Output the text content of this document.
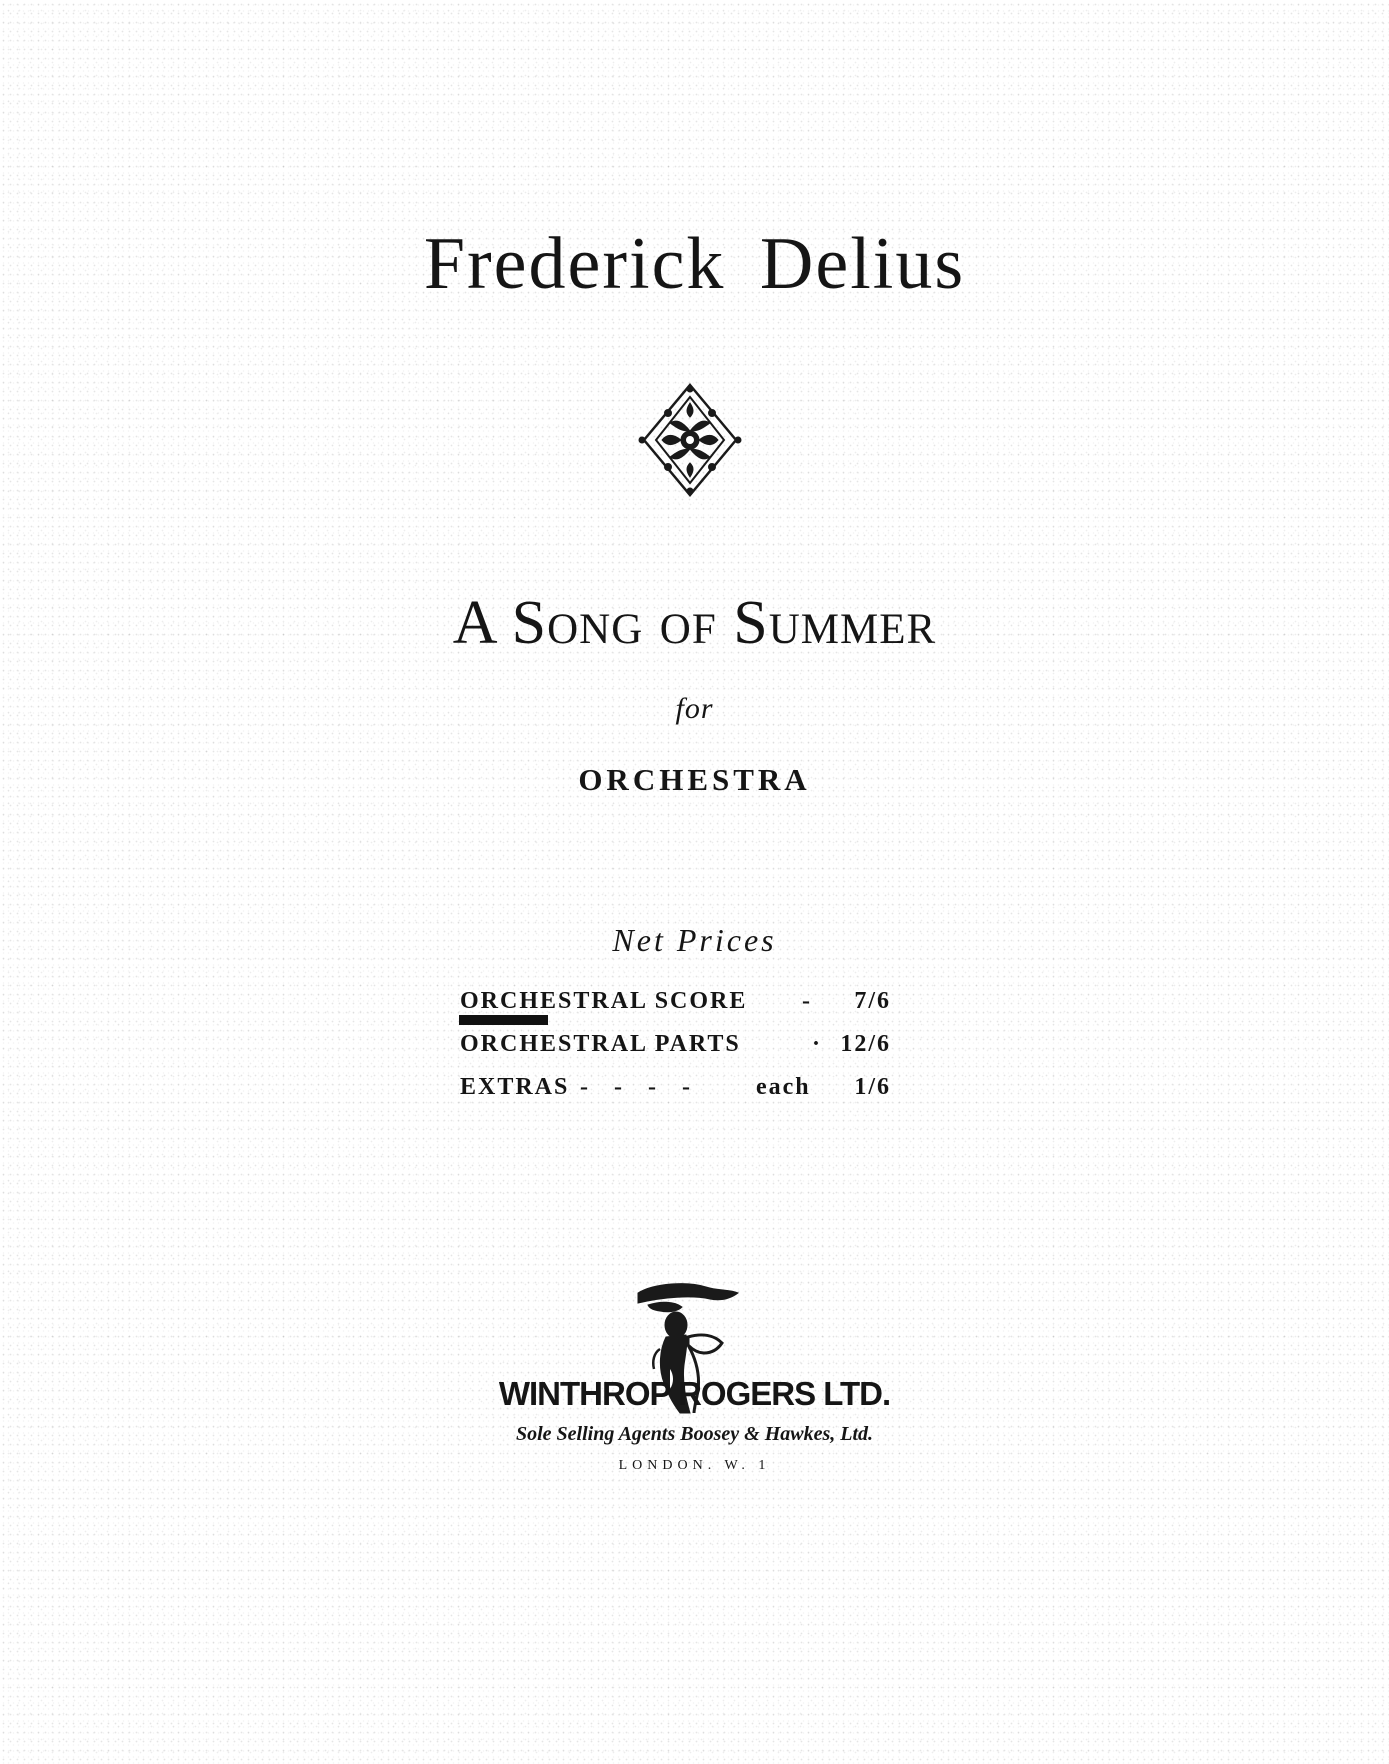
Frederick Delius
A Song of Summer
for
ORCHESTRA
Net Prices
ORCHESTRAL SCORE -	7/6
ORCHESTRAL PARTS	· 12/6
EXTRAS -   -   -   -	each	1/6
WINTHROP ROGERS LTD.
Sole Selling Agents Boosey & Hawkes, Ltd.
LONDON. W. 1
